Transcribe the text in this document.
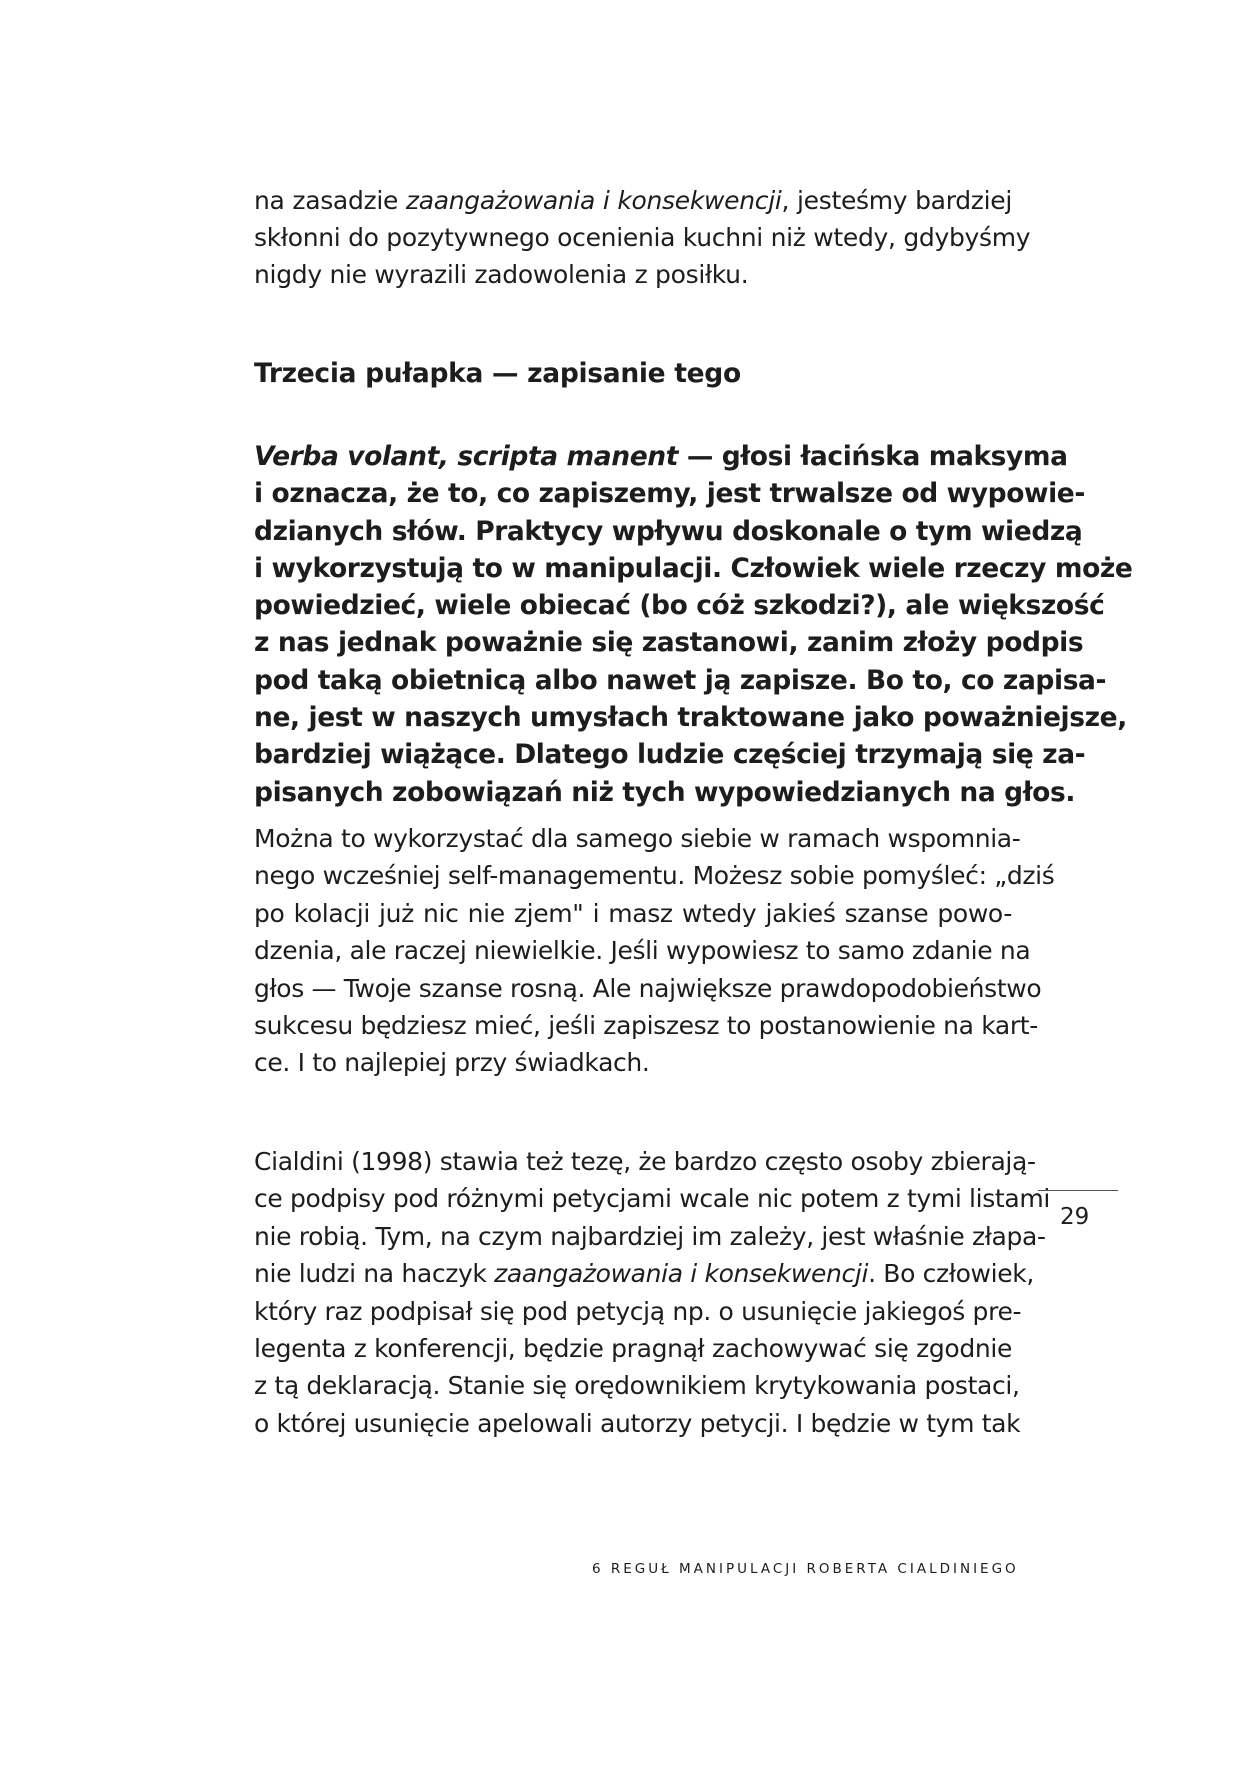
na zasadzie zaangażowania i konsekwencji, jesteśmy bardziej
skłonni do pozytywnego ocenienia kuchni niż wtedy, gdybyśmy
nigdy nie wyrazili zadowolenia z posiłku.
Trzecia pułapka — zapisanie tego
Verba volant, scripta manent — głosi łacińska maksyma
i oznacza, że to, co zapiszemy, jest trwalsze od wypowie-
dzianych słów. Praktycy wpływu doskonale o tym wiedzą
i wykorzystują to w manipulacji. Człowiek wiele rzeczy może
powiedzieć, wiele obiecać (bo cóż szkodzi?), ale większość
z nas jednak poważnie się zastanowi, zanim złoży podpis
pod taką obietnicą albo nawet ją zapisze. Bo to, co zapisa-
ne, jest w naszych umysłach traktowane jako poważniejsze,
bardziej wiążące. Dlatego ludzie częściej trzymają się za-
pisanych zobowiązań niż tych wypowiedzianych na głos.
Można to wykorzystać dla samego siebie w ramach wspomnia-
nego wcześniej self-managementu. Możesz sobie pomyśleć: „dziś
po kolacji już nic nie zjem" i masz wtedy jakieś szanse powo-
dzenia, ale raczej niewielkie. Jeśli wypowiesz to samo zdanie na
głos — Twoje szanse rosną. Ale największe prawdopodobieństwo
sukcesu będziesz mieć, jeśli zapiszesz to postanowienie na kart-
ce. I to najlepiej przy świadkach.
Cialdini (1998) stawia też tezę, że bardzo często osoby zbierają-
ce podpisy pod różnymi petycjami wcale nic potem z tymi listami
nie robią. Tym, na czym najbardziej im zależy, jest właśnie złapa-
nie ludzi na haczyk zaangażowania i konsekwencji. Bo człowiek,
który raz podpisał się pod petycją np. o usunięcie jakiegoś pre-
legenta z konferencji, będzie pragnął zachowywać się zgodnie
z tą deklaracją. Stanie się orędownikiem krytykowania postaci,
o której usunięcie apelowali autorzy petycji. I będzie w tym tak
29
6 REGUŁ MANIPULACJI ROBERTA CIALDINIEGO
